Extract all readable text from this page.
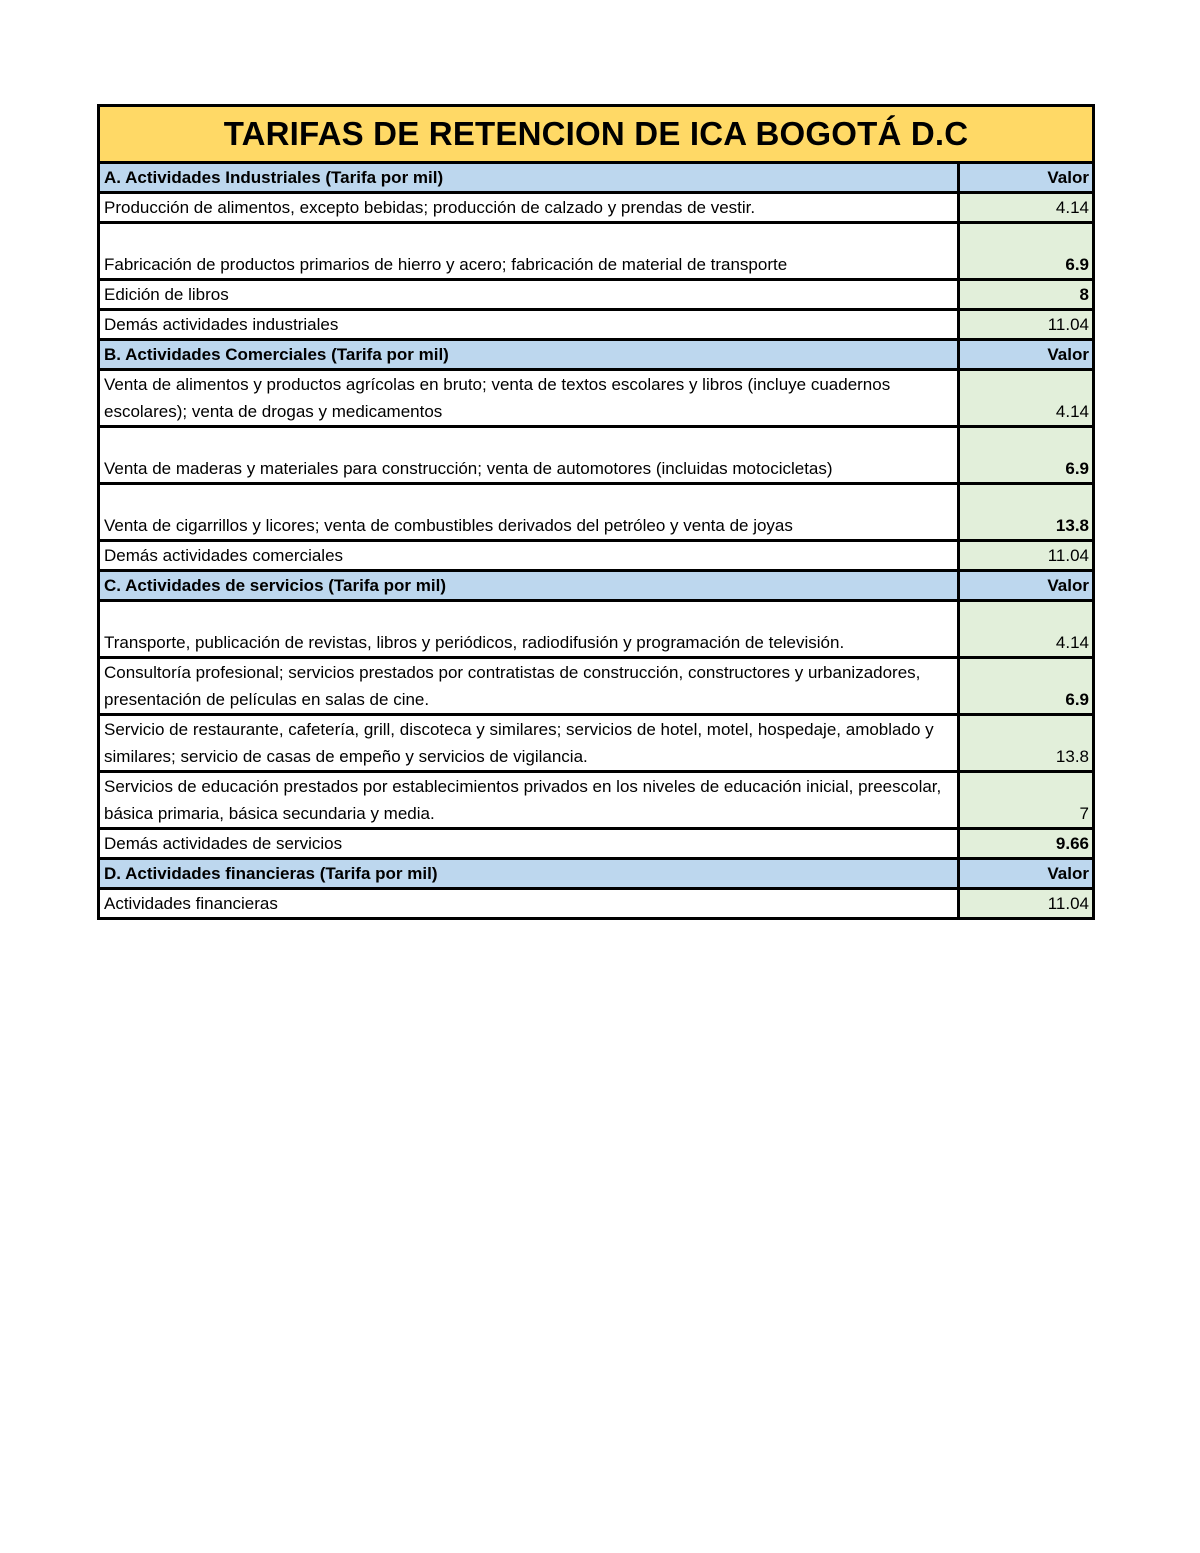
TARIFAS DE RETENCION DE ICA BOGOTÁ D.C
A. Actividades Industriales (Tarifa por mil)	Valor
Producción de alimentos, excepto bebidas; producción de calzado y prendas de vestir.	4.14
Fabricación de productos primarios de hierro y acero; fabricación de material de transporte	6.9
Edición de libros	8
Demás actividades industriales	11.04
B. Actividades Comerciales (Tarifa por mil)	Valor
Venta de alimentos y productos agrícolas en bruto; venta de textos escolares y libros (incluye cuadernos escolares); venta de drogas y medicamentos	4.14
Venta de maderas y materiales para construcción; venta de automotores (incluidas motocicletas)	6.9
Venta de cigarrillos y licores; venta de combustibles derivados del petróleo y venta de joyas	13.8
Demás actividades comerciales	11.04
C. Actividades de servicios (Tarifa por mil)	Valor
Transporte, publicación de revistas, libros y periódicos, radiodifusión y programación de televisión.	4.14
Consultoría profesional; servicios prestados por contratistas de construcción, constructores y urbanizadores, presentación de películas en salas de cine.	6.9
Servicio de restaurante, cafetería, grill, discoteca y similares; servicios de hotel, motel, hospedaje, amoblado y similares; servicio de casas de empeño y servicios de vigilancia.	13.8
Servicios de educación prestados por establecimientos privados en los niveles de educación inicial, preescolar, básica primaria, básica secundaria y media.	7
Demás actividades de servicios	9.66
D. Actividades financieras (Tarifa por mil)	Valor
Actividades financieras	11.04
